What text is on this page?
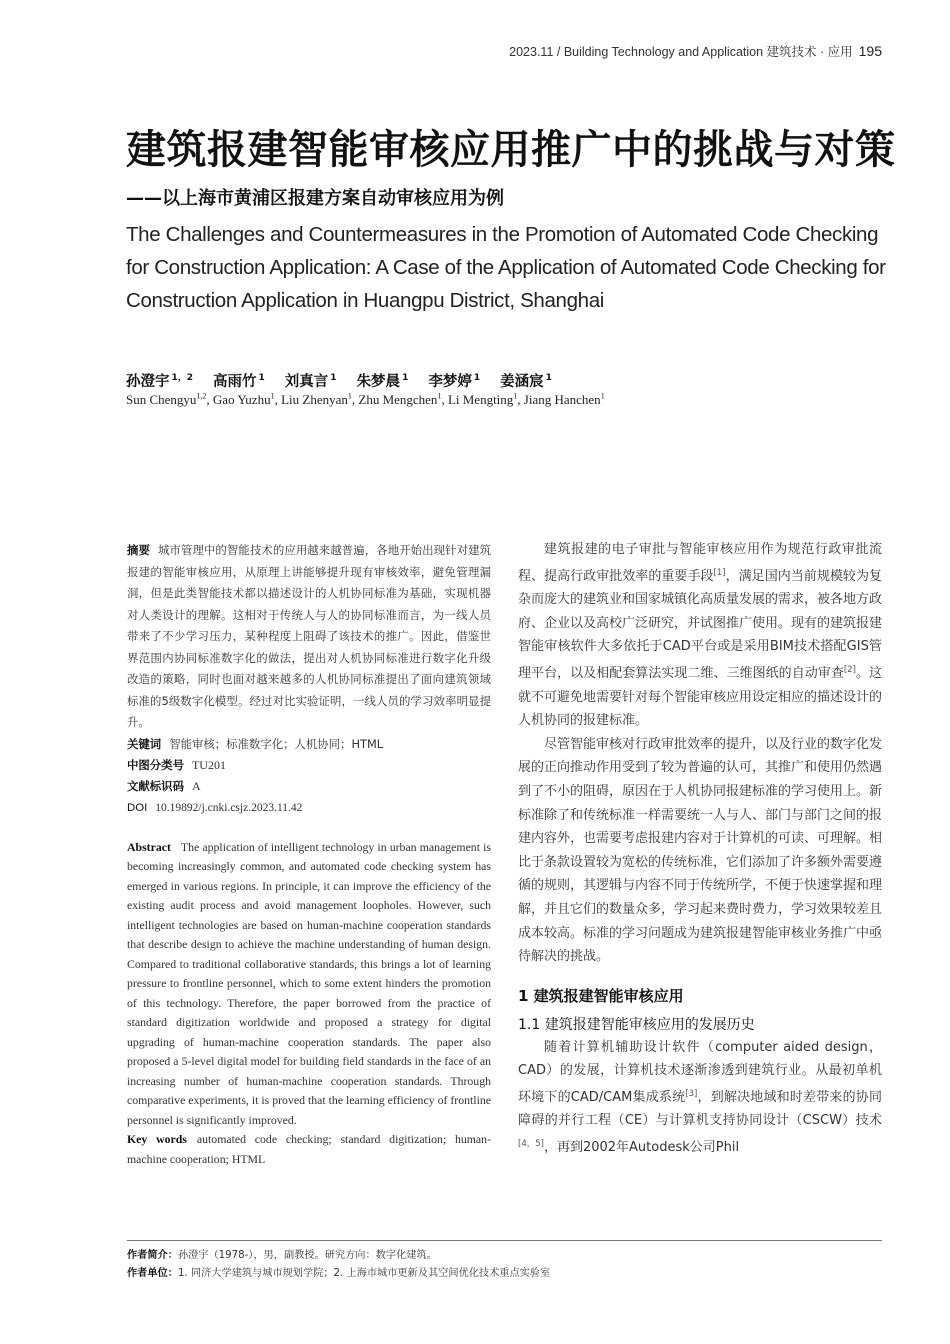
2023.11 / Building Technology and Application 建筑技术 · 应用 195
建筑报建智能审核应用推广中的挑战与对策
——以上海市黄浦区报建方案自动审核应用为例
The Challenges and Countermeasures in the Promotion of Automated Code Checking for Construction Application: A Case of the Application of Automated Code Checking for Construction Application in Huangpu District, Shanghai
孙澄宇 $^{1,2}$ 高雨竹 $^1$ 刘真言 $^1$ 朱梦晨 $^1$ 李梦婷 $^1$ 姜涵宸 $^1$
Sun Chengyu$^{1,2}$, Gao Yuzhu$^1$, Liu Zhenyan$^1$, Zhu Mengchen$^1$, Li Mengting$^1$, Jiang Hanchen$^1$
摘要 城市管理中的智能技术的应用越来越普遍，各地开始出现针对建筑报建的智能审核应用，从原理上讲能够提升现有审核效率，避免管理漏洞，但是此类智能技术都以描述设计的人机协同标准为基础，实现机器对人类设计的理解。这相对于传统人与人的协同标准而言，为一线人员带来了不少学习压力，某种程度上阻碍了该技术的推广。因此，借鉴世界范围内协同标准数字化的做法，提出对人机协同标准进行数字化升级改造的策略，同时也面对越来越多的人机协同标准提出了面向建筑领域标准的5级数字化模型。经过对比实验证明，一线人员的学习效率明显提升。
关键词 智能审核；标准数字化；人机协同；HTML
中图分类号 TU201
文献标识码 A
DOI 10.19892/j.cnki.csjz.2023.11.42
Abstract The application of intelligent technology in urban management is becoming increasingly common, and automated code checking system has emerged in various regions. In principle, it can improve the efficiency of the existing audit process and avoid management loopholes. However, such intelligent technologies are based on human-machine cooperation standards that describe design to achieve the machine understanding of human design. Compared to traditional collaborative standards, this brings a lot of learning pressure to frontline personnel, which to some extent hinders the promotion of this technology. Therefore, the paper borrowed from the practice of standard digitization worldwide and proposed a strategy for digital upgrading of human-machine cooperation standards. The paper also proposed a 5-level digital model for building field standards in the face of an increasing number of human-machine cooperation standards. Through comparative experiments, it is proved that the learning efficiency of frontline personnel is significantly improved.
Key words automated code checking; standard digitization; human-machine cooperation; HTML

建筑报建的电子审批与智能审核应用作为规范行政审批流程、提高行政审批效率的重要手段[1]，满足国内当前规模较为复杂而庞大的建筑业和国家城镇化高质量发展的需求，被各地方政府、企业以及高校广泛研究，并试图推广使用。现有的建筑报建智能审核软件大多依托于CAD平台或是采用BIM技术搭配GIS管理平台，以及相配套算法实现二维、三维图纸的自动审查[2]。这就不可避免地需要针对每个智能审核应用设定相应的描述设计的人机协同的报建标准。

尽管智能审核对行政审批效率的提升，以及行业的数字化发展的正向推动作用受到了较为普遍的认可，其推广和使用仍然遇到了不小的阻碍，原因在于人机协同报建标准的学习使用上。新标准除了和传统标准一样需要统一人与人、部门与部门之间的报建内容外，也需要考虑报建内容对于计算机的可读、可理解。相比于条款设置较为宽松的传统标准，它们添加了许多额外需要遵循的规则，其逻辑与内容不同于传统所学，不便于快速掌握和理解，并且它们的数量众多，学习起来费时费力，学习效果较差且成本较高。标准的学习问题成为建筑报建智能审核业务推广中亟待解决的挑战。

1 建筑报建智能审核应用
1.1 建筑报建智能审核应用的发展历史

随着计算机辅助设计软件（computer aided design，CAD）的发展，计算机技术逐渐渗透到建筑行业。从最初单机环境下的CAD/CAM集成系统[3]，到解决地域和时差带来的协同障碍的并行工程（CE）与计算机支持协同设计（CSCW）技术[4，5]，再到2002年Autodesk公司Phil

作者简介：孙澄宇（1978-），男，副教授。研究方向：数字化建筑。
作者单位：1. 同济大学建筑与城市规划学院；2. 上海市城市更新及其空间优化技术重点实验室
